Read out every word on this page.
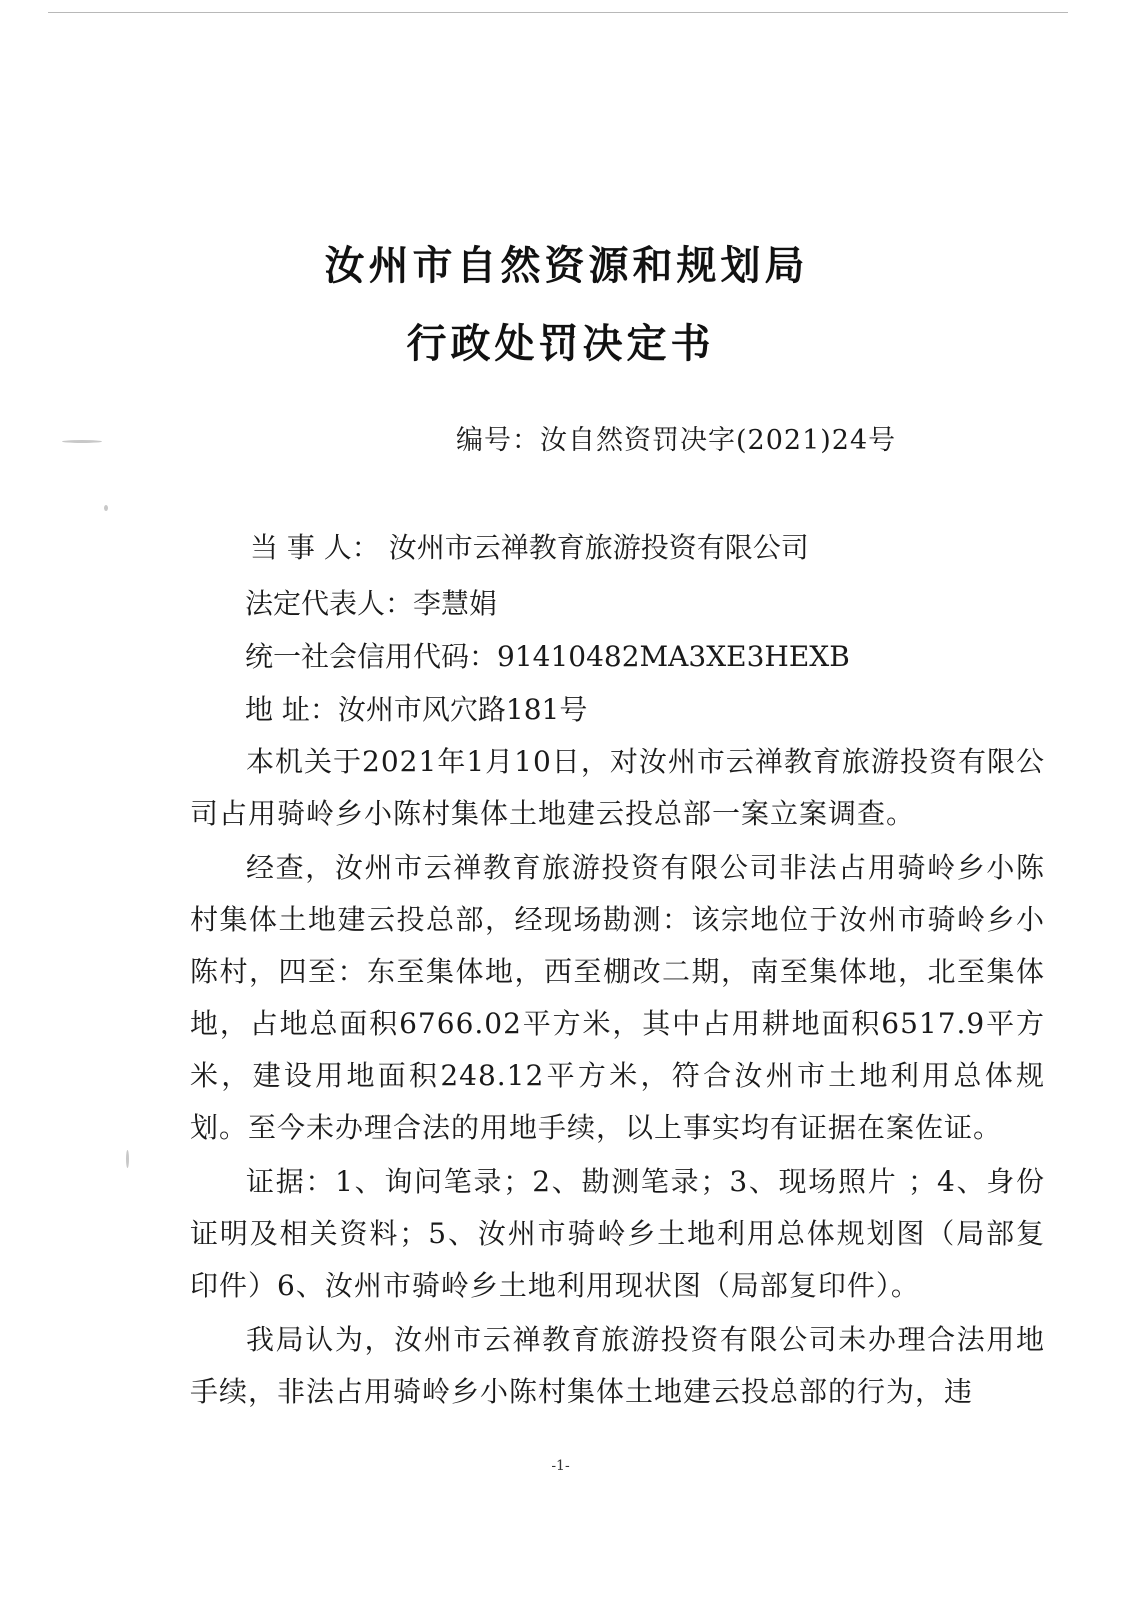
汝州市自然资源和规划局
行政处罚决定书
编号：汝自然资罚决字(2021)24号
当 事 人： 汝州市云禅教育旅游投资有限公司
法定代表人：李慧娟
统一社会信用代码：91410482MA3XE3HEXB
地 址：汝州市风穴路181号
本机关于2021年1月10日，对汝州市云禅教育旅游投资有限公司占用骑岭乡小陈村集体土地建云投总部一案立案调查。
经查，汝州市云禅教育旅游投资有限公司非法占用骑岭乡小陈村集体土地建云投总部，经现场勘测：该宗地位于汝州市骑岭乡小陈村，四至：东至集体地，西至棚改二期，南至集体地，北至集体地，占地总面积6766.02平方米，其中占用耕地面积6517.9平方米，建设用地面积248.12平方米，符合汝州市土地利用总体规划。至今未办理合法的用地手续，以上事实均有证据在案佐证。
证据：1、询问笔录；2、勘测笔录；3、现场照片 ；4、身份证明及相关资料；5、汝州市骑岭乡土地利用总体规划图（局部复印件）6、汝州市骑岭乡土地利用现状图（局部复印件）。
我局认为，汝州市云禅教育旅游投资有限公司未办理合法用地手续，非法占用骑岭乡小陈村集体土地建云投总部的行为，违
-1-
